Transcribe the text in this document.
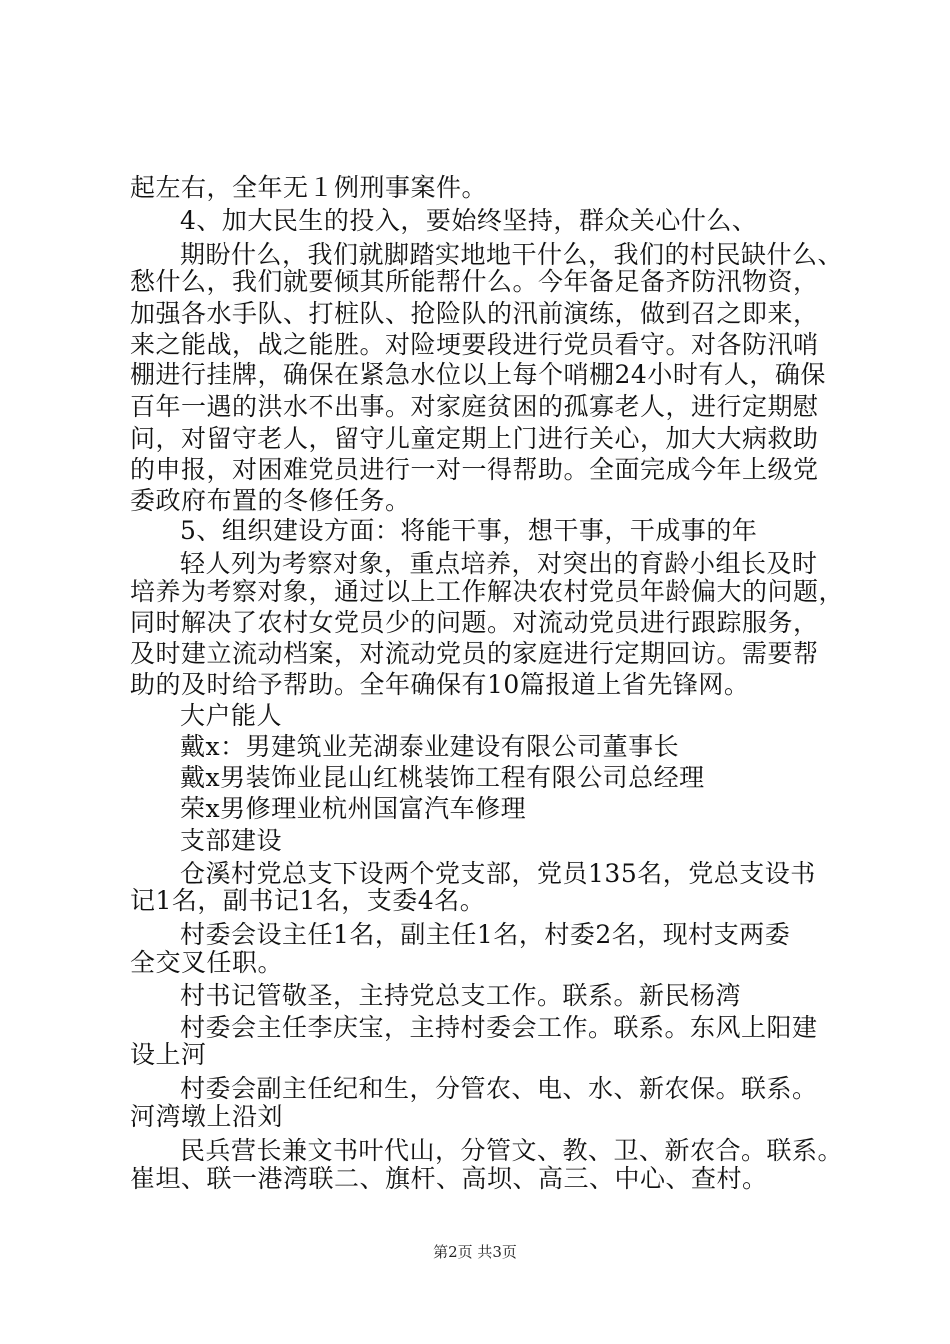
起左右，全年无１例刑事案件。
4、加大民生的投入，要始终坚持，群众关心什么、
期盼什么，我们就脚踏实地地干什么，我们的村民缺什么、
愁什么，我们就要倾其所能帮什么。今年备足备齐防汛物资，
加强各水手队、打桩队、抢险队的汛前演练，做到召之即来，
来之能战，战之能胜。对险埂要段进行党员看守。对各防汛哨
棚进行挂牌，确保在紧急水位以上每个哨棚24小时有人，确保
百年一遇的洪水不出事。对家庭贫困的孤寡老人，进行定期慰
问，对留守老人，留守儿童定期上门进行关心，加大大病救助
的申报，对困难党员进行一对一得帮助。全面完成今年上级党
委政府布置的冬修任务。
5、组织建设方面：将能干事，想干事，干成事的年
轻人列为考察对象，重点培养，对突出的育龄小组长及时
培养为考察对象，通过以上工作解决农村党员年龄偏大的问题，
同时解决了农村女党员少的问题。对流动党员进行跟踪服务，
及时建立流动档案，对流动党员的家庭进行定期回访。需要帮
助的及时给予帮助。全年确保有10篇报道上省先锋网。
大户能人
戴x：男建筑业芜湖泰业建设有限公司董事长
戴x男装饰业昆山红桃装饰工程有限公司总经理
荣x男修理业杭州国富汽车修理
支部建设
仓溪村党总支下设两个党支部，党员135名，党总支设书
记1名，副书记1名，支委4名。
村委会设主任1名，副主任1名，村委2名，现村支两委
全交叉任职。
村书记管敬圣，主持党总支工作。联系。新民杨湾
村委会主任李庆宝，主持村委会工作。联系。东风上阳建
设上河
村委会副主任纪和生，分管农、电、水、新农保。联系。
河湾墩上沿刘
民兵营长兼文书叶代山，分管文、教、卫、新农合。联系。
崔坦、联一港湾联二、旗杆、高坝、高三、中心、查村。
第2页 共3页
